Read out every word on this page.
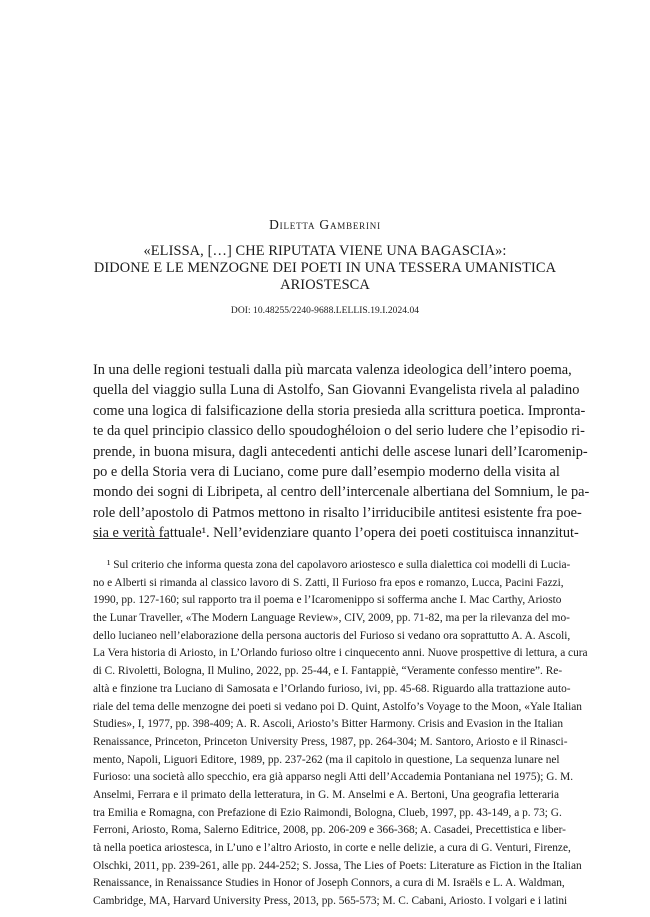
Diletta Gamberini
«ELISSA, […] CHE RIPUTATA VIENE UNA BAGASCIA»:
DIDONE E LE MENZOGNE DEI POETI IN UNA TESSERA UMANISTICA
ARIOSTESCA
DOI: 10.48255/2240-9688.LELLIS.19.I.2024.04
In una delle regioni testuali dalla più marcata valenza ideologica dell’intero poema,
quella del viaggio sulla Luna di Astolfo, San Giovanni Evangelista rivela al paladino
come una logica di falsificazione della storia presieda alla scrittura poetica. Impronta-
te da quel principio classico dello spoudoghéloion o del serio ludere che l’episodio ri-
prende, in buona misura, dagli antecedenti antichi delle ascese lunari dell’Icaromenip-
po e della Storia vera di Luciano, come pure dall’esempio moderno della visita al
mondo dei sogni di Libripeta, al centro dell’intercenale albertiana del Somnium, le pa-
role dell’apostolo di Patmos mettono in risalto l’irriducibile antitesi esistente fra poe-
sia e verità fattuale¹. Nell’evidenziare quanto l’opera dei poeti costituisca innanzitut-
¹ Sul criterio che informa questa zona del capolavoro ariostesco e sulla dialettica coi modelli di Lucia-
no e Alberti si rimanda al classico lavoro di S. Zatti, Il Furioso fra epos e romanzo, Lucca, Pacini Fazzi,
1990, pp. 127-160; sul rapporto tra il poema e l’Icaromenippo si sofferma anche I. Mac Carthy, Ariosto
the Lunar Traveller, «The Modern Language Review», CIV, 2009, pp. 71-82, ma per la rilevanza del mo-
dello lucianeo nell’elaborazione della persona auctoris del Furioso si vedano ora soprattutto A. A. Ascoli,
La Vera historia di Ariosto, in L’Orlando furioso oltre i cinquecento anni. Nuove prospettive di lettura, a cura
di C. Rivoletti, Bologna, Il Mulino, 2022, pp. 25-44, e I. Fantappiè, “Veramente confesso mentire”. Re-
altà e finzione tra Luciano di Samosata e l’Orlando furioso, ivi, pp. 45-68. Riguardo alla trattazione auto-
riale del tema delle menzogne dei poeti si vedano poi D. Quint, Astolfo’s Voyage to the Moon, «Yale Italian
Studies», I, 1977, pp. 398-409; A. R. Ascoli, Ariosto’s Bitter Harmony. Crisis and Evasion in the Italian
Renaissance, Princeton, Princeton University Press, 1987, pp. 264-304; M. Santoro, Ariosto e il Rinasci-
mento, Napoli, Liguori Editore, 1989, pp. 237-262 (ma il capitolo in questione, La sequenza lunare nel
Furioso: una società allo specchio, era già apparso negli Atti dell’Accademia Pontaniana nel 1975); G. M.
Anselmi, Ferrara e il primato della letteratura, in G. M. Anselmi e A. Bertoni, Una geografia letteraria
tra Emilia e Romagna, con Prefazione di Ezio Raimondi, Bologna, Clueb, 1997, pp. 43-149, a p. 73; G.
Ferroni, Ariosto, Roma, Salerno Editrice, 2008, pp. 206-209 e 366-368; A. Casadei, Precettistica e liber-
tà nella poetica ariostesca, in L’uno e l’altro Ariosto, in corte e nelle delizie, a cura di G. Venturi, Firenze,
Olschki, 2011, pp. 239-261, alle pp. 244-252; S. Jossa, The Lies of Poets: Literature as Fiction in the Italian
Renaissance, in Renaissance Studies in Honor of Joseph Connors, a cura di M. Israëls e L. A. Waldman,
Cambridge, MA, Harvard University Press, 2013, pp. 565-573; M. C. Cabani, Ariosto. I volgari e i latini
